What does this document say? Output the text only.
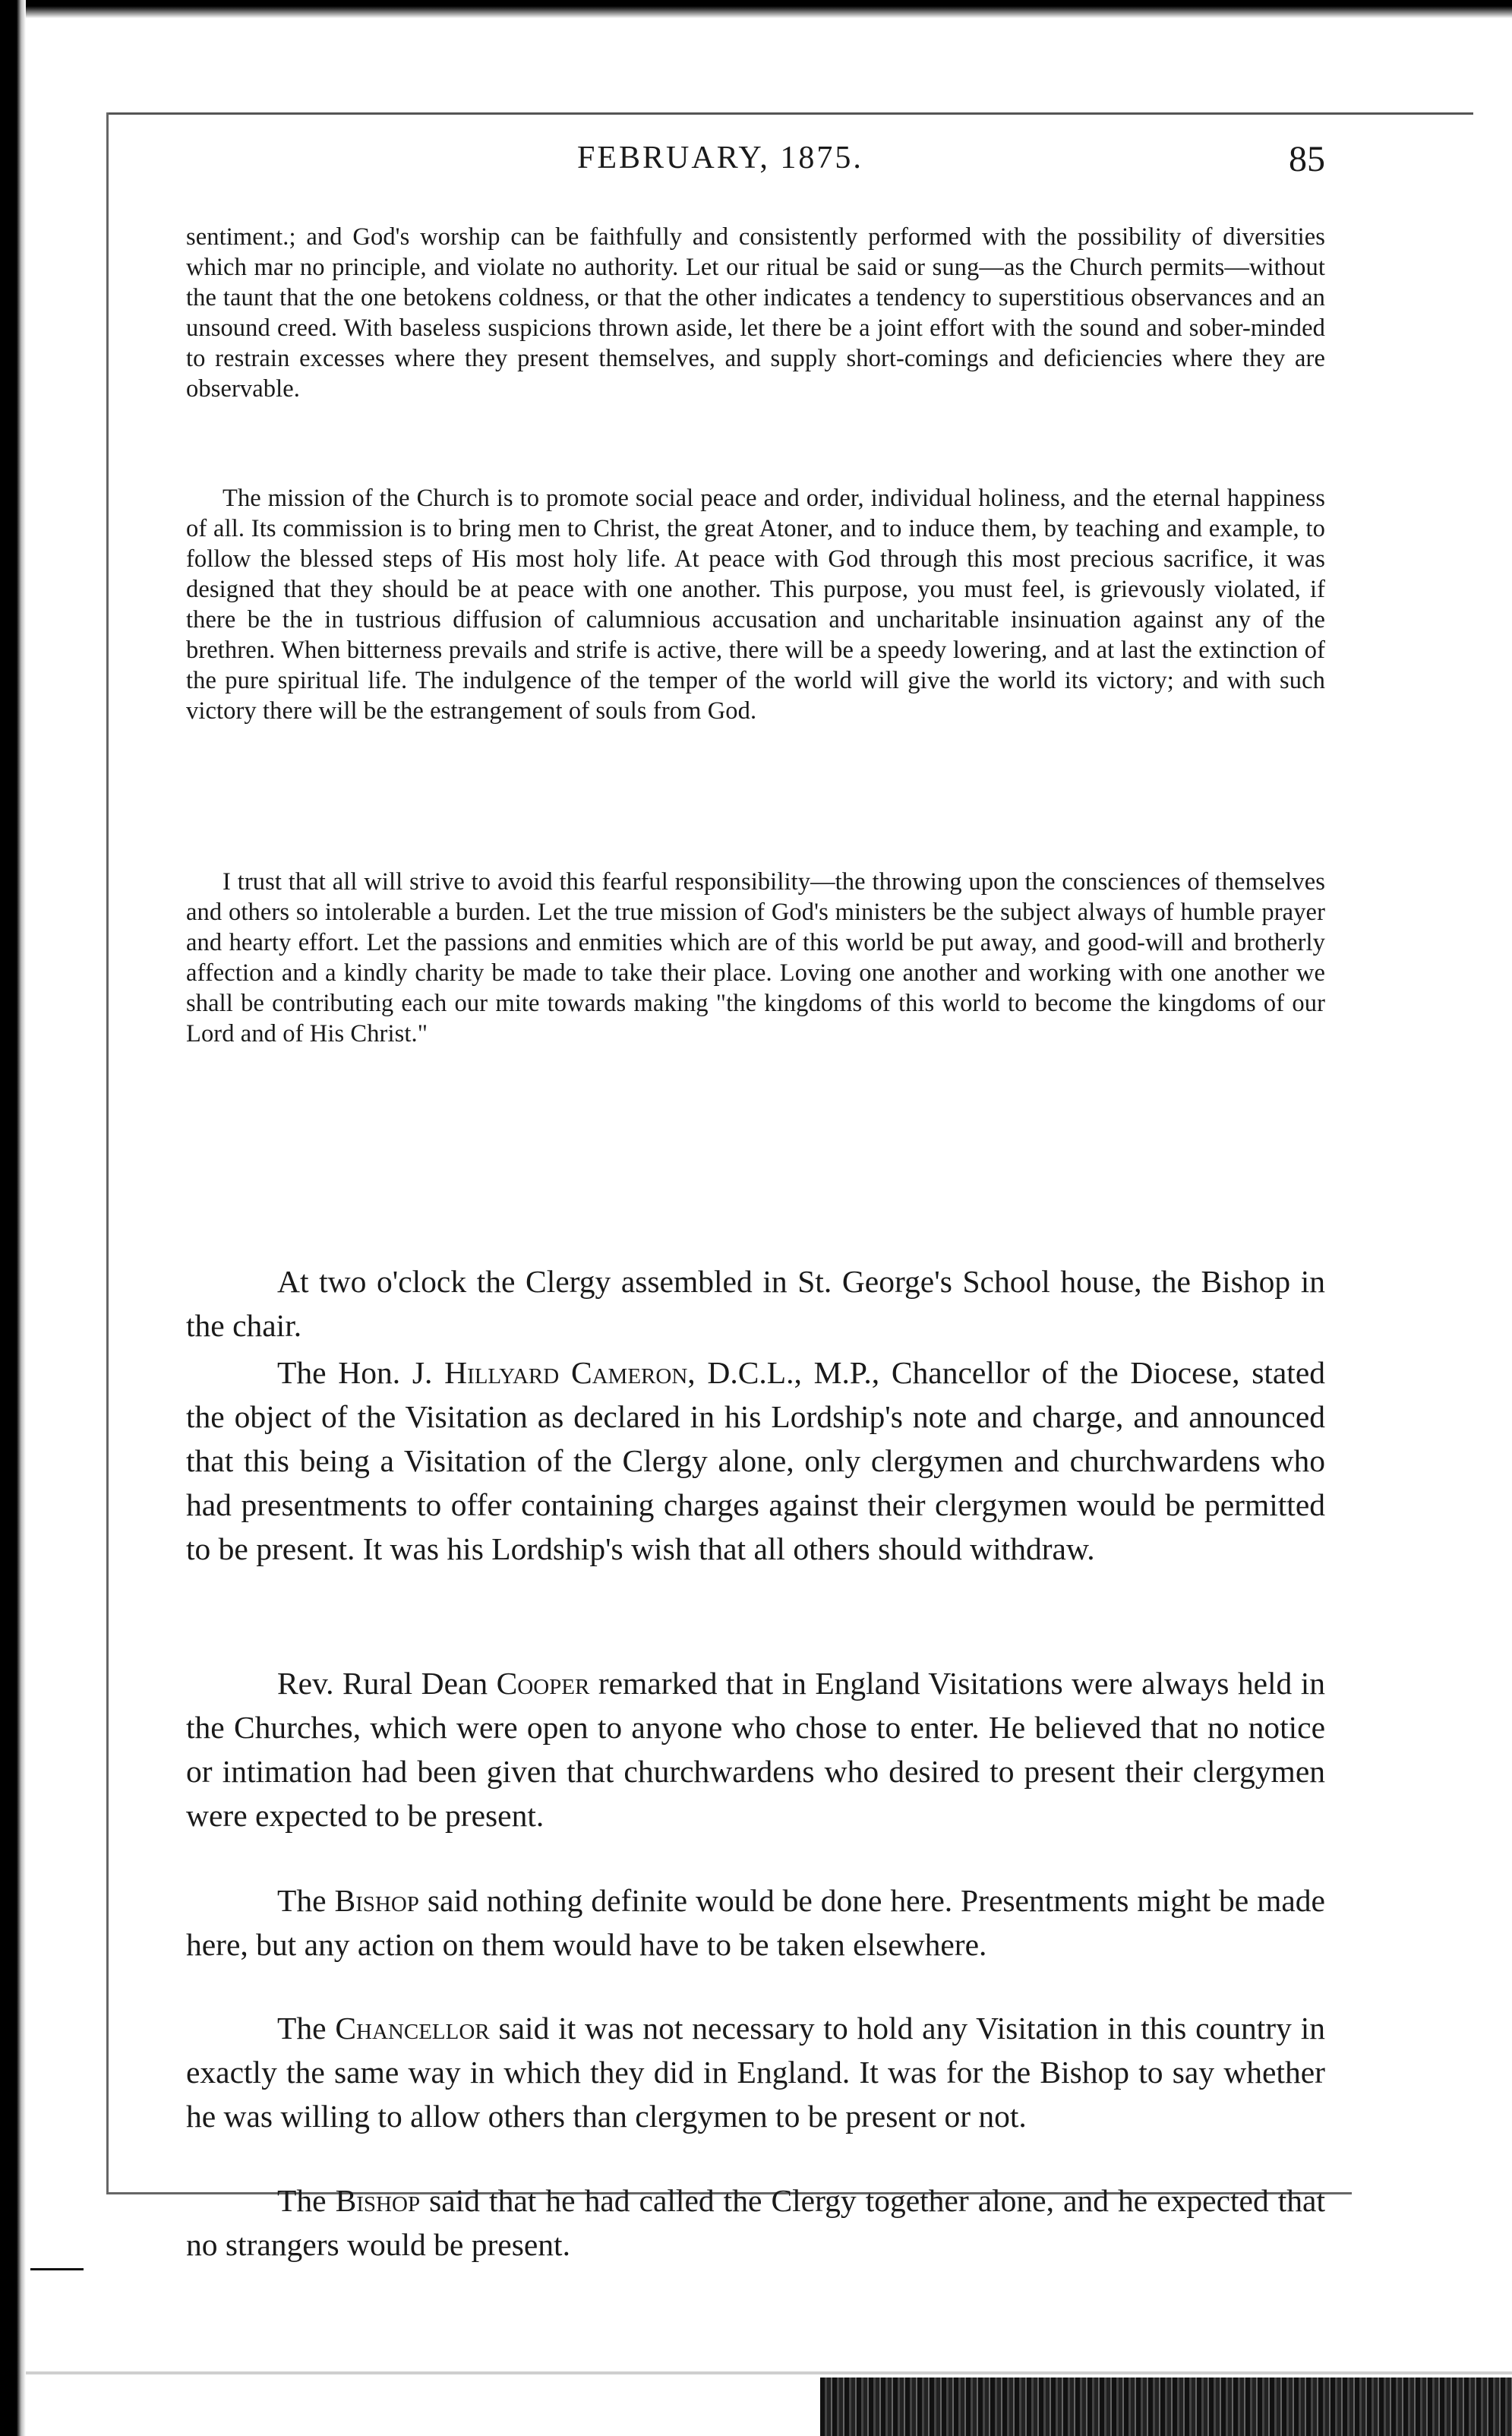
FEBRUARY, 1875.	85

sentiment.; and God's worship can be faithfully and consistently performed with the possibility of diversities which mar no principle, and violate no authority. Let our ritual be said or sung—as the Church permits—without the taunt that the one betokens coldness, or that the other indicates a tendency to superstitious observances and an unsound creed. With baseless suspicions thrown aside, let there be a joint effort with the sound and sober-minded to restrain excesses where they present themselves, and supply short-comings and deficiencies where they are observable.

The mission of the Church is to promote social peace and order, individual holiness, and the eternal happiness of all. Its commission is to bring men to Christ, the great Atoner, and to induce them, by teaching and example, to follow the blessed steps of His most holy life. At peace with God through this most precious sacrifice, it was designed that they should be at peace with one another. This purpose, you must feel, is grievously violated, if there be the in tustrious diffusion of calumnious accusation and uncharitable insinuation against any of the brethren. When bitterness prevails and strife is active, there will be a speedy lowering, and at last the extinction of the pure spiritual life. The indulgence of the temper of the world will give the world its victory; and with such victory there will be the estrangement of souls from God.

I trust that all will strive to avoid this fearful responsibility—the throwing upon the consciences of themselves and others so intolerable a burden. Let the true mission of God's ministers be the subject always of humble prayer and hearty effort. Let the passions and enmities which are of this world be put away, and good-will and brotherly affection and a kindly charity be made to take their place. Loving one another and working with one another we shall be contributing each our mite towards making "the kingdoms of this world to become the kingdoms of our Lord and of His Christ."

At two o'clock the Clergy assembled in St. George's School house, the Bishop in the chair.

The Hon. J. Hillyard Cameron, D.C.L., M.P., Chancellor of the Diocese, stated the object of the Visitation as declared in his Lordship's note and charge, and announced that this being a Visitation of the Clergy alone, only clergymen and churchwardens who had presentments to offer containing charges against their clergymen would be permitted to be present. It was his Lordship's wish that all others should withdraw.

Rev. Rural Dean Cooper remarked that in England Visitations were always held in the Churches, which were open to anyone who chose to enter. He believed that no notice or intimation had been given that churchwardens who desired to present their clergymen were expected to be present.

The Bishop said nothing definite would be done here. Presentments might be made here, but any action on them would have to be taken elsewhere.

The Chancellor said it was not necessary to hold any Visitation in this country in exactly the same way in which they did in England. It was for the Bishop to say whether he was willing to allow others than clergymen to be present or not.

The Bishop said that he had called the Clergy together alone, and he expected that no strangers would be present.
